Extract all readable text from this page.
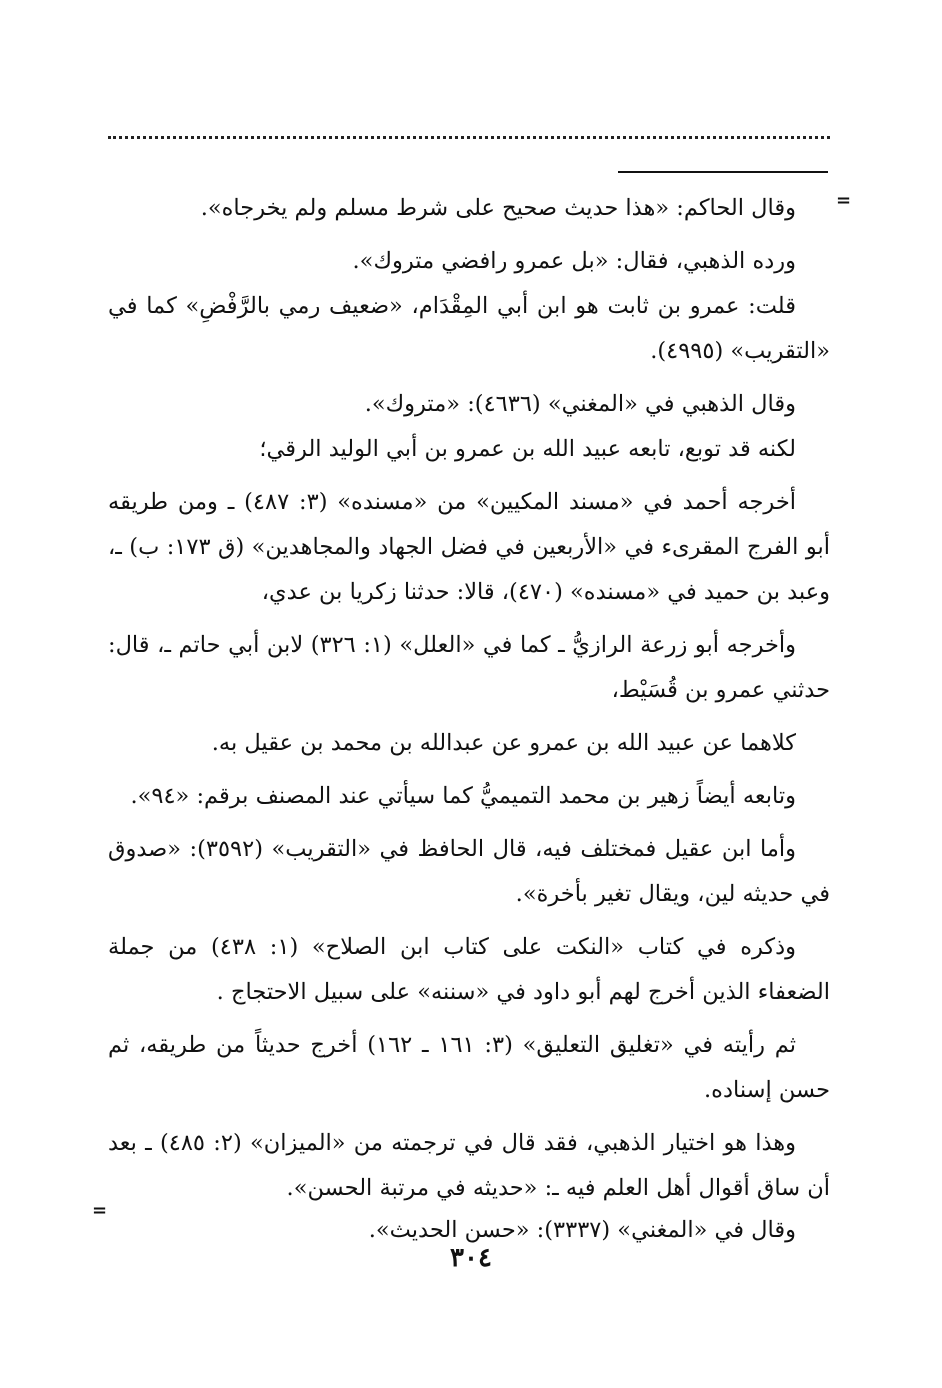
=

وقال الحاكم: «هذا حديث صحيح على شرط مسلم ولم يخرجاه».

ورده الذهبي، فقال: «بل عمرو رافضي متروك».

قلت: عمرو بن ثابت هو ابن أبي المِقْدَام، «ضعيف رمي بالرَّفْضِ» كما في «التقريب» (٤٩٩٥).

وقال الذهبي في «المغني» (٤٦٣٦): «متروك».

لكنه قد توبع، تابعه عبيد الله بن عمرو بن أبي الوليد الرقي؛

أخرجه أحمد في «مسند المكيين» من «مسنده» (٣: ٤٨٧) ـ ومن طريقه أبو الفرج المقرىء في «الأربعين في فضل الجهاد والمجاهدين» (ق ١٧٣: ب) ـ، وعبد بن حميد في «مسنده» (٤٧٠)، قالا: حدثنا زكريا بن عدي،

وأخرجه أبو زرعة الرازيُّ ـ كما في «العلل» (١: ٣٢٦) لابن أبي حاتم ـ، قال: حدثني عمرو بن قُسَيْط،

كلاهما عن عبيد الله بن عمرو عن عبدالله بن محمد بن عقيل به.

وتابعه أيضاً زهير بن محمد التميميُّ كما سيأتي عند المصنف برقم: «٩٤».

وأما ابن عقيل فمختلف فيه، قال الحافظ في «التقريب» (٣٥٩٢): «صدوق في حديثه لين، ويقال تغير بأخرة».

وذكره في كتاب «النكت على كتاب ابن الصلاح» (١: ٤٣٨) من جملة الضعفاء الذين أخرج لهم أبو داود في «سننه» على سبيل الاحتجاج .

ثم رأيته في «تغليق التعليق» (٣: ١٦١ ـ ١٦٢) أخرج حديثاً من طريقه، ثم حسن إسناده.

وهذا هو اختيار الذهبي، فقد قال في ترجمته من «الميزان» (٢: ٤٨٥) ـ بعد أن ساق أقوال أهل العلم فيه ـ: «حديثه في مرتبة الحسن».

وقال في «المغني» (٣٣٣٧): «حسن الحديث».

=
٣٠٤
